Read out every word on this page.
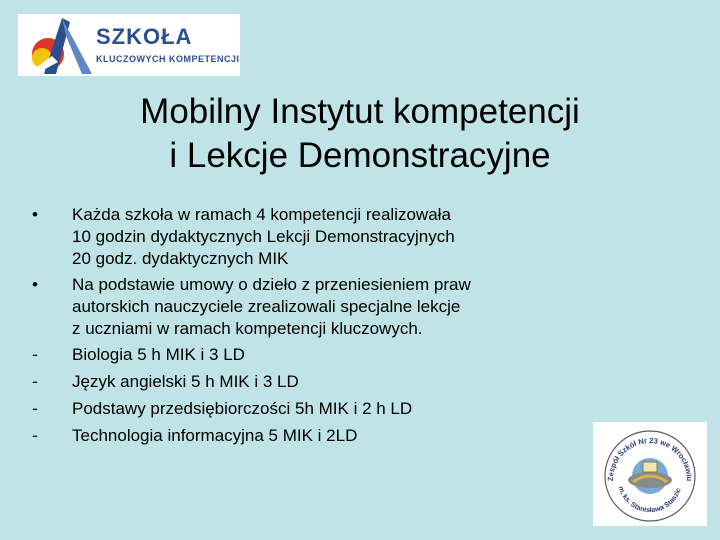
SZKOŁA
KLUCZOWYCH KOMPETENCJI
Mobilny Instytut kompetencji
i Lekcje Demonstracyjne
• Każda szkoła w ramach 4 kompetencji realizowała
10 godzin dydaktycznych Lekcji Demonstracyjnych
20 godz. dydaktycznych MIK
• Na podstawie umowy o dzieło z przeniesieniem praw
autorskich nauczyciele zrealizowali specjalne lekcje
z uczniami w ramach kompetencji kluczowych.
- Biologia 5 h MIK i 3 LD
- Język angielski 5 h MIK i 3 LD
- Podstawy przedsiębiorczości 5h MIK i 2 h LD
- Technologia informacyjna 5 MIK i 2LD
Zespół Szkół Nr 23 we Wrocławiu
m. ks. Stanisława Staszic
